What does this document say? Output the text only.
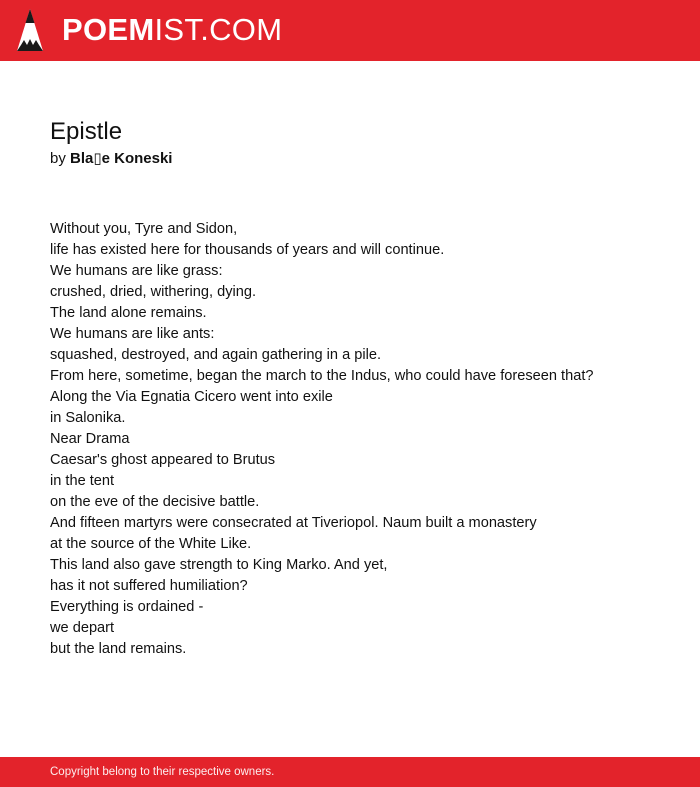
POEMIST.COM
Epistle
by Bla▯e Koneski
Without you, Tyre and Sidon,
life has existed here for thousands of years and will continue.
We humans are like grass:
crushed, dried, withering, dying.
The land alone remains.
We humans are like ants:
squashed, destroyed, and again gathering in a pile.
From here, sometime, began the march to the Indus, who could have foreseen that?
Along the Via Egnatia Cicero went into exile
in Salonika.
Near Drama
Caesar's ghost appeared to Brutus
in the tent
on the eve of the decisive battle.
And fifteen martyrs were consecrated at Tiveriopol. Naum built a monastery
at the source of the White Like.
This land also gave strength to King Marko. And yet,
has it not suffered humiliation?
Everything is ordained -
we depart
but the land remains.
Copyright belong to their respective owners.
